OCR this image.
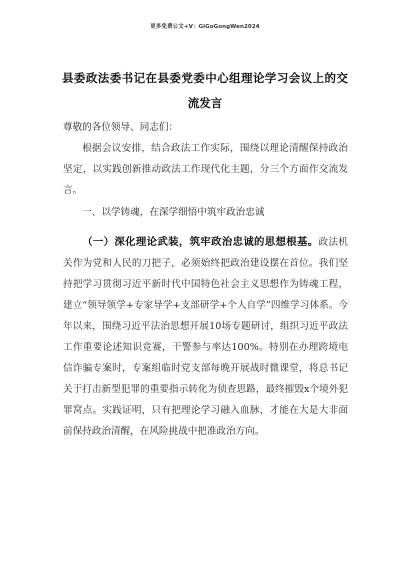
更多免费公文+V：GiGoGongWen2024
县委政法委书记在县委党委中心组理论学习会议上的交流发言
尊敬的各位领导、同志们：

根据会议安排，结合政法工作实际，围绕以理论清醒保持政治坚定，以实践创新推动政法工作现代化主题，分三个方面作交流发言。

一、以学铸魂，在深学细悟中筑牢政治忠诚

（一）深化理论武装，筑牢政治忠诚的思想根基。政法机关作为党和人民的刀把子，必须始终把政治建设摆在首位。我们坚持把学习贯彻习近平新时代中国特色社会主义思想作为铸魂工程，建立“领导领学+专家导学+支部研学+个人自学”四维学习体系。今年以来，围绕习近平法治思想开展10场专题研讨，组织习近平政法工作重要论述知识竞赛，干警参与率达100%。特别在办理跨境电信诈骗专案时，专案组临时党支部每晚开展战时微课堂，将总书记关于打击新型犯罪的重要指示转化为侦查思路，最终摧毁x个境外犯罪窝点。实践证明，只有把理论学习融入血脉，才能在大是大非面前保持政治清醒，在风险挑战中把准政治方向。
